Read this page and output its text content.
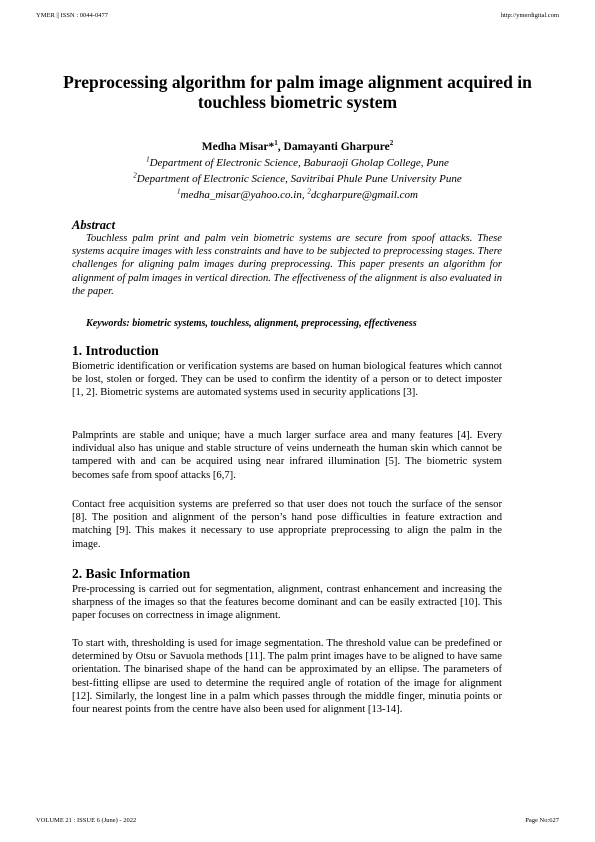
YMER || ISSN : 0044-0477	http://ymerdigital.com
Preprocessing algorithm for palm image alignment acquired in touchless biometric system
Medha Misar*$^1$, Damayanti Gharpure$^2$
$^1$Department of Electronic Science, Baburaoji Gholap College, Pune
$^2$Department of Electronic Science, Savitribai Phule Pune University Pune
$^1$medha_misar@yahoo.co.in, $^2$dcgharpure@gmail.com
Abstract

Touchless palm print and palm vein biometric systems are secure from spoof attacks. These systems acquire images with less constraints and have to be subjected to preprocessing stages. There challenges for aligning palm images during preprocessing. This paper presents an algorithm for alignment of palm images in vertical direction. The effectiveness of the alignment is also evaluated in the paper.

Keywords: biometric systems, touchless, alignment, preprocessing, effectiveness
1. Introduction

Biometric identification or verification systems are based on human biological features which cannot be lost, stolen or forged. They can be used to confirm the identity of a person or to detect imposter [1, 2]. Biometric systems are automated systems used in security applications [3].

Palmprints are stable and unique; have a much larger surface area and many features [4]. Every individual also has unique and stable structure of veins underneath the human skin which cannot be tampered with and can be acquired using near infrared illumination [5]. The biometric system becomes safe from spoof attacks [6,7].

Contact free acquisition systems are preferred so that user does not touch the surface of the sensor [8]. The position and alignment of the person’s hand pose difficulties in feature extraction and matching [9]. This makes it necessary to use appropriate preprocessing to align the palm in the image.

2. Basic Information

Pre-processing is carried out for segmentation, alignment, contrast enhancement and increasing the sharpness of the images so that the features become dominant and can be easily extracted [10]. This paper focuses on correctness in image alignment.

To start with, thresholding is used for image segmentation. The threshold value can be predefined or determined by Otsu or Savuola methods [11]. The palm print images have to be aligned to have same orientation. The binarised shape of the hand can be approximated by an ellipse. The parameters of best-fitting ellipse are used to determine the required angle of rotation of the image for alignment [12]. Similarly, the longest line in a palm which passes through the middle finger, minutia points or four nearest points from the centre have also been used for alignment [13-14].

VOLUME 21 : ISSUE 6 (June) - 2022	Page No:627
